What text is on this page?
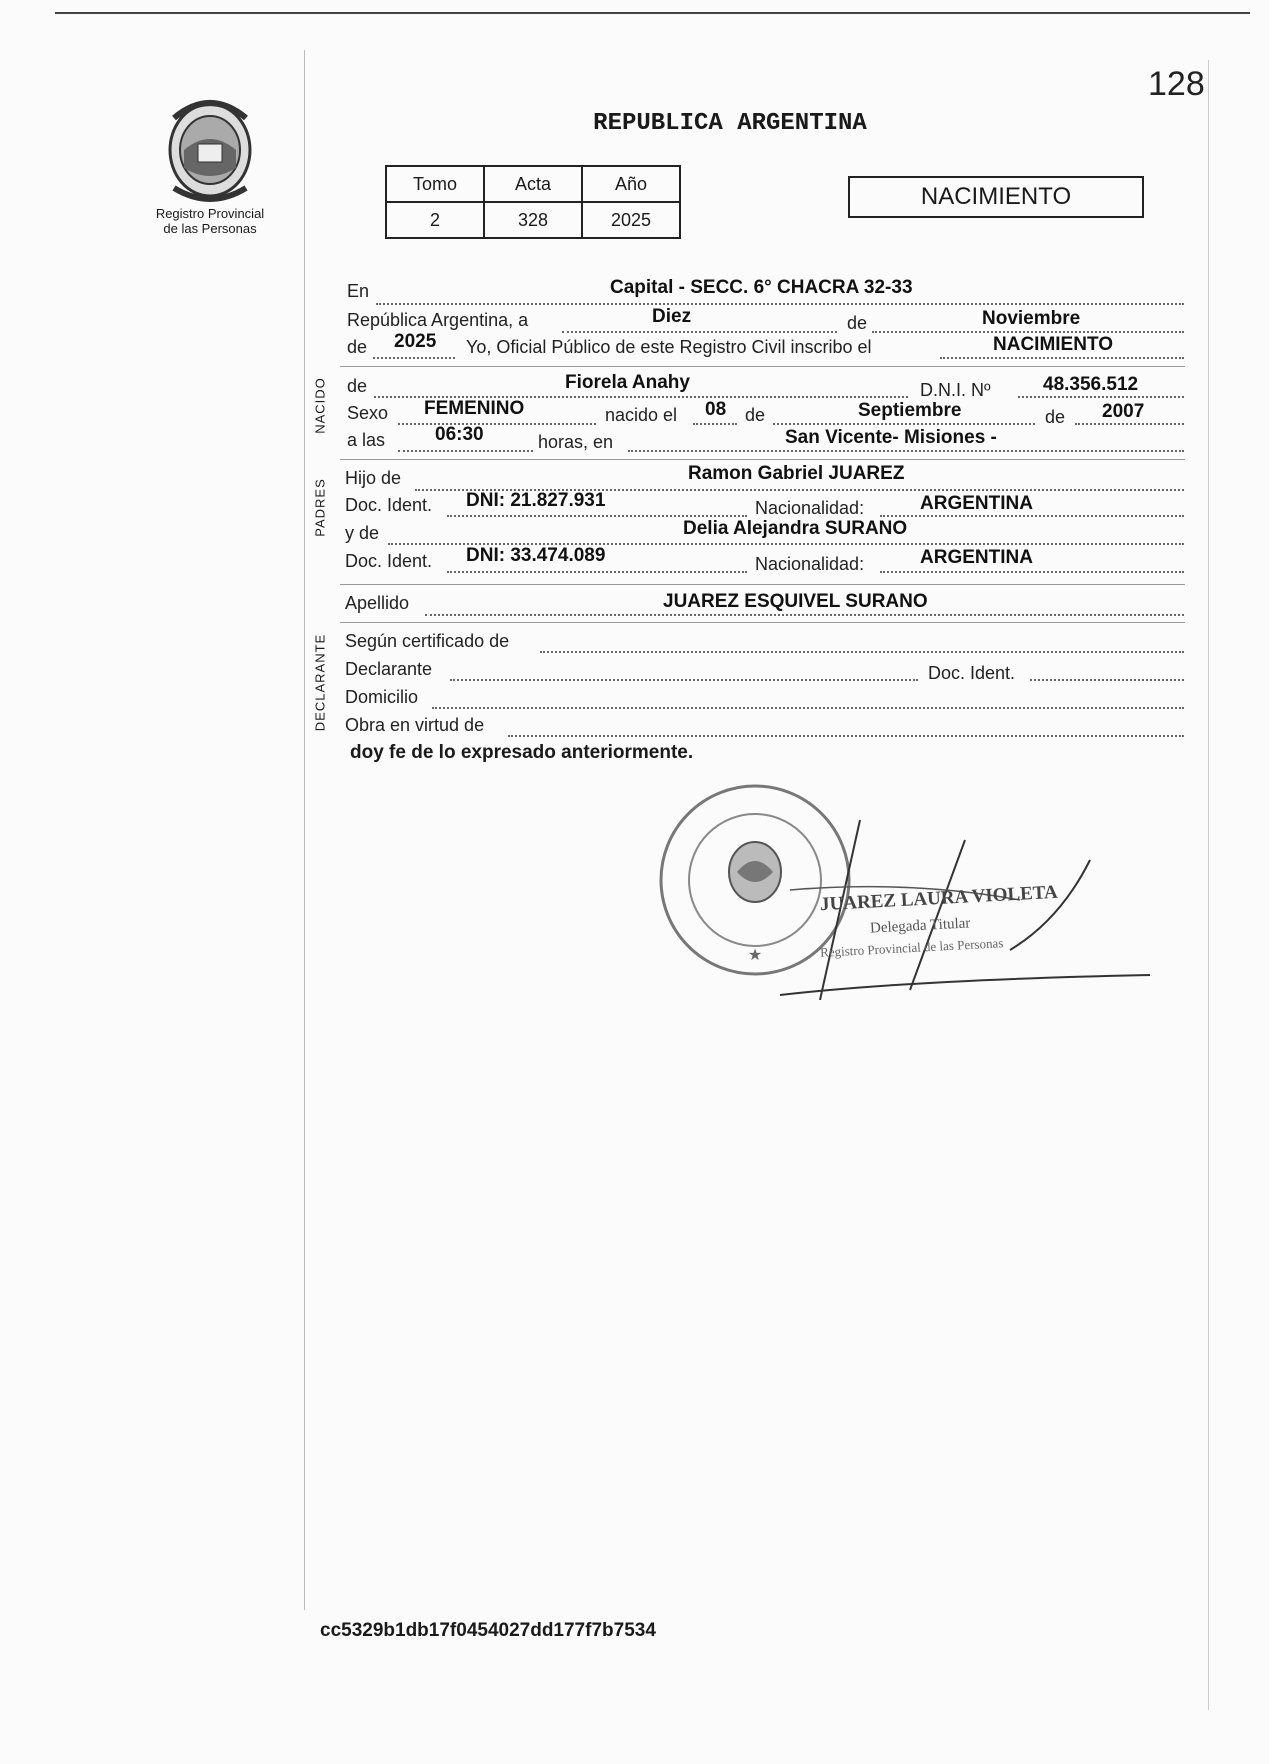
128
Registro Provincial
de las Personas
REPUBLICA ARGENTINA
Tomo	Acta	Año
2	328	2025
NACIMIENTO
NACIDO
PADRES
DECLARANTE
En	Capital - SECC. 6° CHACRA 32-33
República Argentina, a	Diez	de	Noviembre
de 2025 Yo, Oficial Público de este Registro Civil inscribo el	NACIMIENTO
de	Fiorela Anahy	D.N.I. Nº	48.356.512
Sexo FEMENINO	nacido el 08 de	Septiembre	de 2007
a las	06:30	horas, en	San Vicente- Misiones -
Hijo de	Ramon Gabriel JUAREZ
Doc. Ident. DNI: 21.827.931	Nacionalidad:	ARGENTINA
y de	Delia Alejandra SURANO
Doc. Ident. DNI: 33.474.089	Nacionalidad:	ARGENTINA
Apellido	JUAREZ ESQUIVEL SURANO
Según certificado de
Declarante	Doc. Ident.
Domicilio
Obra en virtud de
doy fe de lo expresado anteriormente.
★
JUAREZ LAURA VIOLETA
Delegada Titular
Registro Provincial de las Personas
cc5329b1db17f0454027dd177f7b7534
